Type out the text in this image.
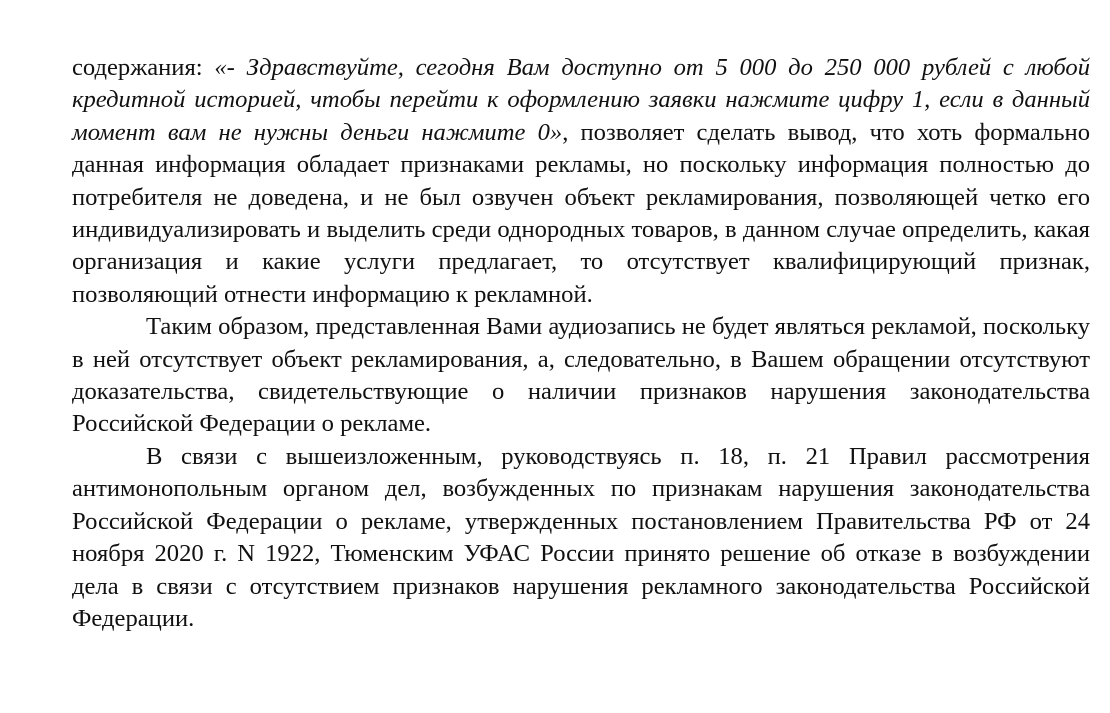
содержания: «- Здравствуйте, сегодня Вам доступно от 5 000 до 250 000 рублей с любой кредитной историей, чтобы перейти к оформлению заявки нажмите цифру 1, если в данный момент вам не нужны деньги нажмите 0», позволяет сделать вывод, что хоть формально данная информация обладает признаками рекламы, но поскольку информация полностью до потребителя не доведена, и не был озвучен объект рекламирования, позволяющей четко его индивидуализировать и выделить среди однородных товаров, в данном случае определить, какая организация и какие услуги предлагает, то отсутствует квалифицирующий признак, позволяющий отнести информацию к рекламной.

Таким образом, представленная Вами аудиозапись не будет являться рекламой, поскольку в ней отсутствует объект рекламирования, а, следовательно, в Вашем обращении отсутствуют доказательства, свидетельствующие о наличии признаков нарушения законодательства Российской Федерации о рекламе.

В связи с вышеизложенным, руководствуясь п. 18, п. 21 Правил рассмотрения антимонопольным органом дел, возбужденных по признакам нарушения законодательства Российской Федерации о рекламе, утвержденных постановлением Правительства РФ от 24 ноября 2020 г. N 1922, Тюменским УФАС России принято решение об отказе в возбуждении дела в связи с отсутствием признаков нарушения рекламного законодательства Российской Федерации.
